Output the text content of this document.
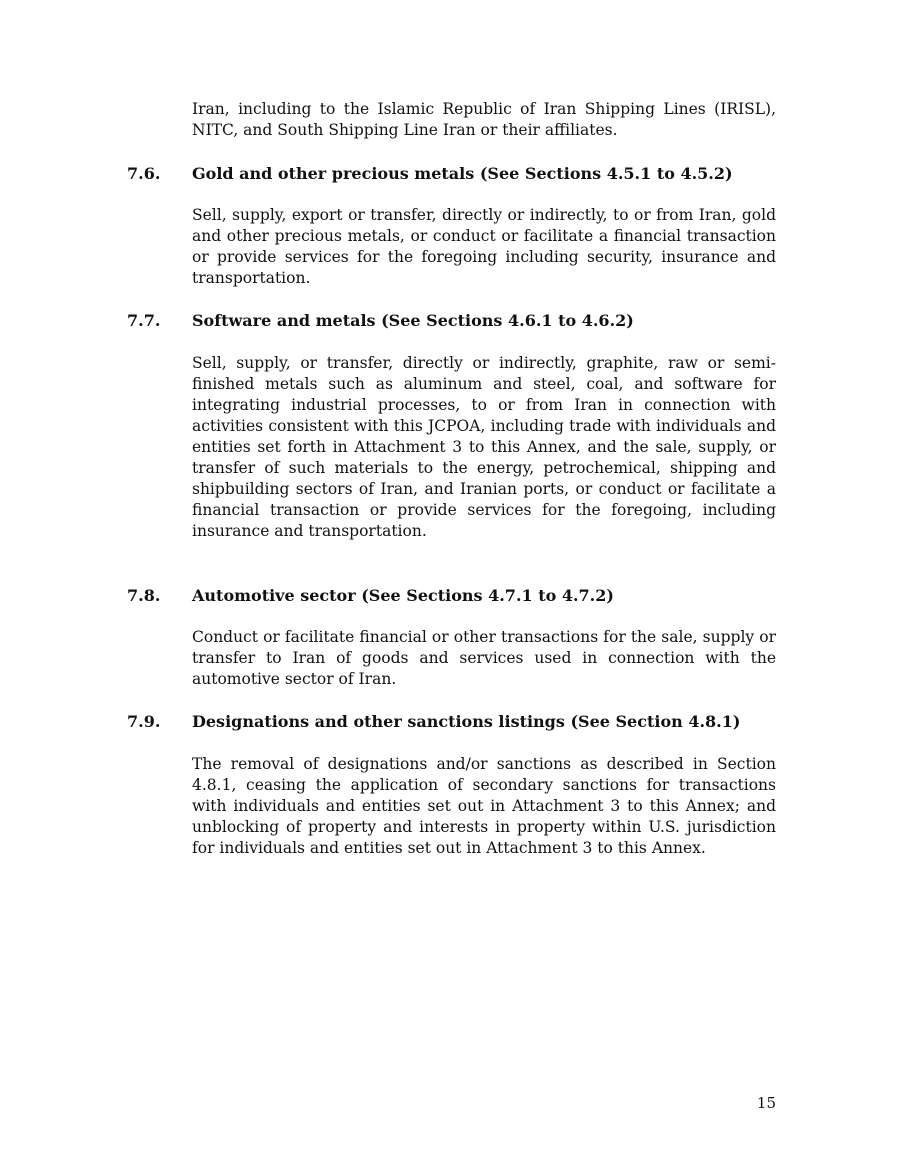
Iran, including to the Islamic Republic of Iran Shipping Lines (IRISL), NITC, and South Shipping Line Iran or their affiliates.

7.6. Gold and other precious metals (See Sections 4.5.1 to 4.5.2)

Sell, supply, export or transfer, directly or indirectly, to or from Iran, gold and other precious metals, or conduct or facilitate a financial transaction or provide services for the foregoing including security, insurance and transportation.

7.7. Software and metals (See Sections 4.6.1 to 4.6.2)

Sell, supply, or transfer, directly or indirectly, graphite, raw or semi-finished metals such as aluminum and steel, coal, and software for integrating industrial processes, to or from Iran in connection with activities consistent with this JCPOA, including trade with individuals and entities set forth in Attachment 3 to this Annex, and the sale, supply, or transfer of such materials to the energy, petrochemical, shipping and shipbuilding sectors of Iran, and Iranian ports, or conduct or facilitate a financial transaction or provide services for the foregoing, including insurance and transportation.

7.8. Automotive sector (See Sections 4.7.1 to 4.7.2)

Conduct or facilitate financial or other transactions for the sale, supply or transfer to Iran of goods and services used in connection with the automotive sector of Iran.

7.9. Designations and other sanctions listings (See Section 4.8.1)

The removal of designations and/or sanctions as described in Section 4.8.1, ceasing the application of secondary sanctions for transactions with individuals and entities set out in Attachment 3 to this Annex; and unblocking of property and interests in property within U.S. jurisdiction for individuals and entities set out in Attachment 3 to this Annex.

15
